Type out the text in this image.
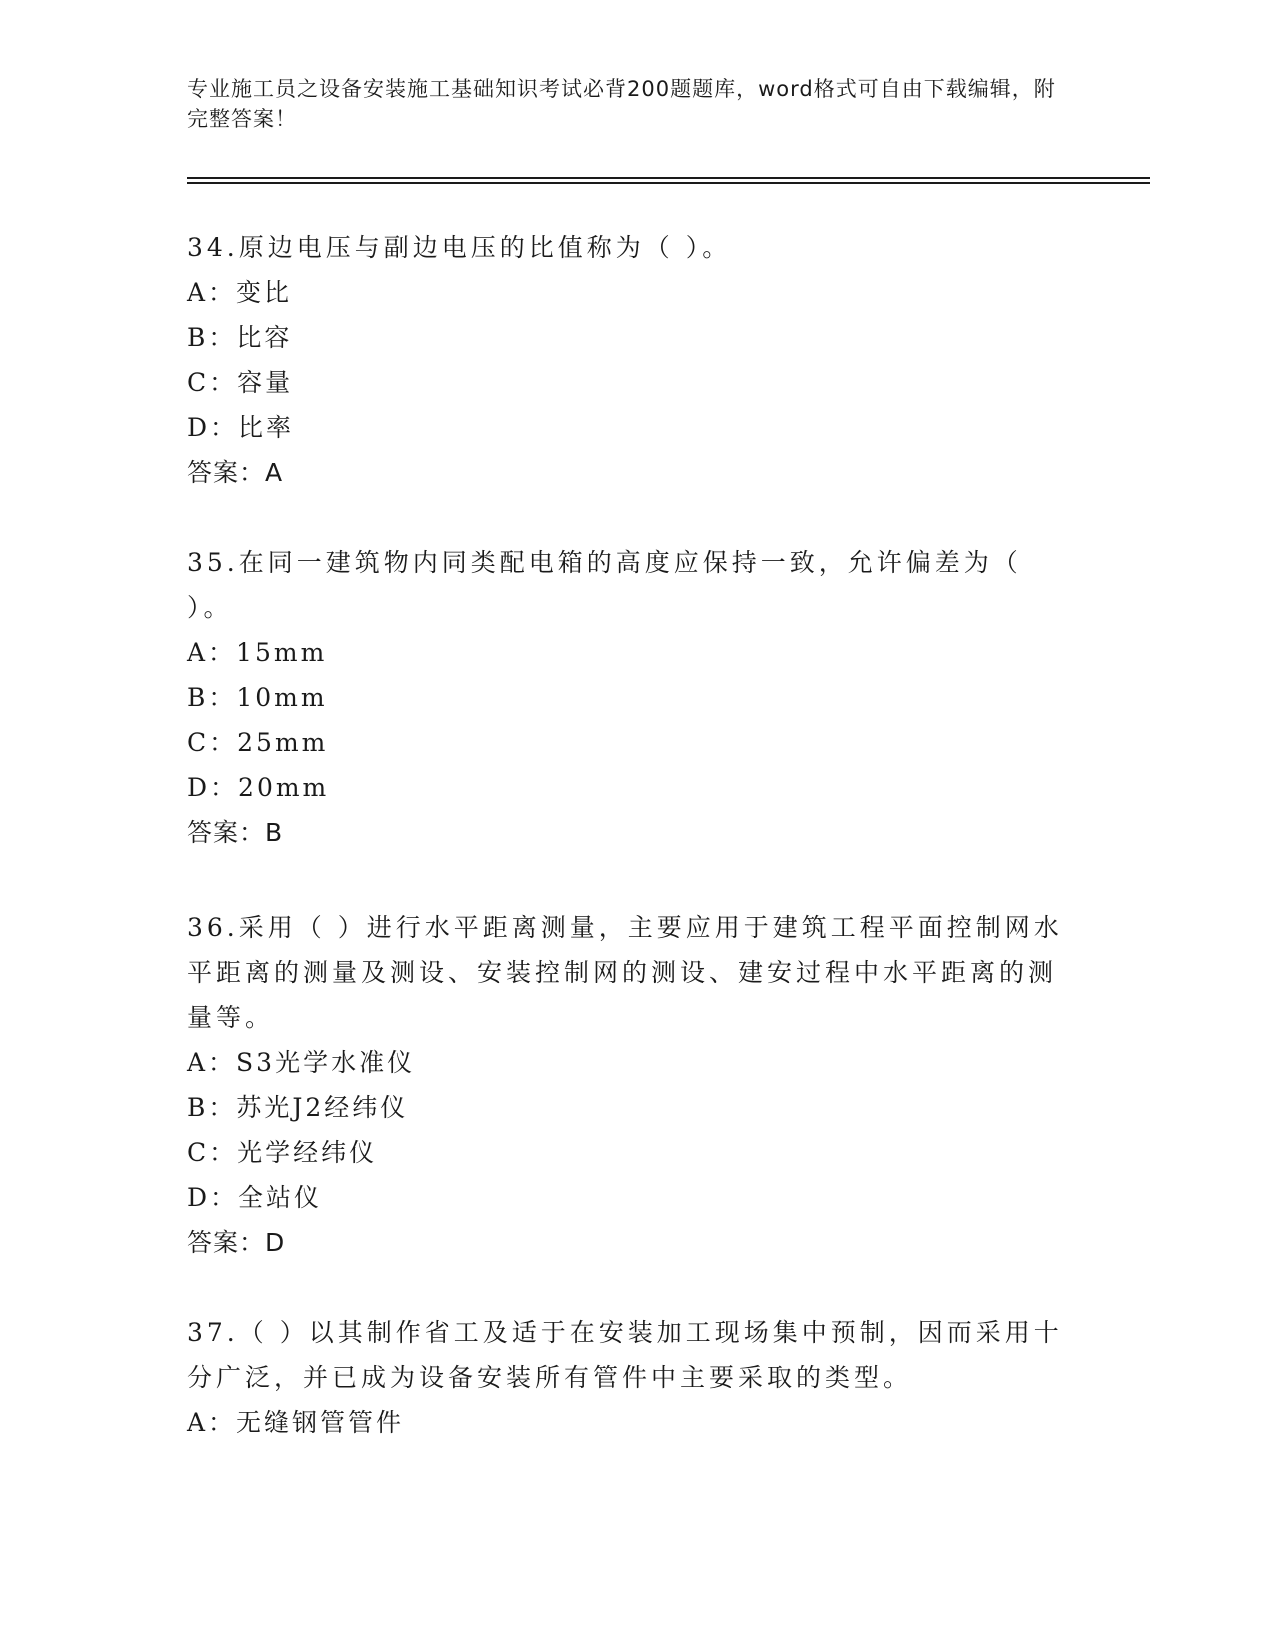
专业施工员之设备安装施工基础知识考试必背200题题库，word格式可自由下载编辑，附完整答案！
34.原边电压与副边电压的比值称为（ ）。
A：变比
B：比容
C：容量
D：比率
答案：A
35.在同一建筑物内同类配电箱的高度应保持一致，允许偏差为（ ）。
A：15mm
B：10mm
C：25mm
D：20mm
答案：B
36.采用（ ）进行水平距离测量，主要应用于建筑工程平面控制网水平距离的测量及测设、安装控制网的测设、建安过程中水平距离的测量等。
A：S3光学水准仪
B：苏光J2经纬仪
C：光学经纬仪
D：全站仪
答案：D
37.（ ）以其制作省工及适于在安装加工现场集中预制，因而采用十分广泛，并已成为设备安装所有管件中主要采取的类型。
A：无缝钢管管件
